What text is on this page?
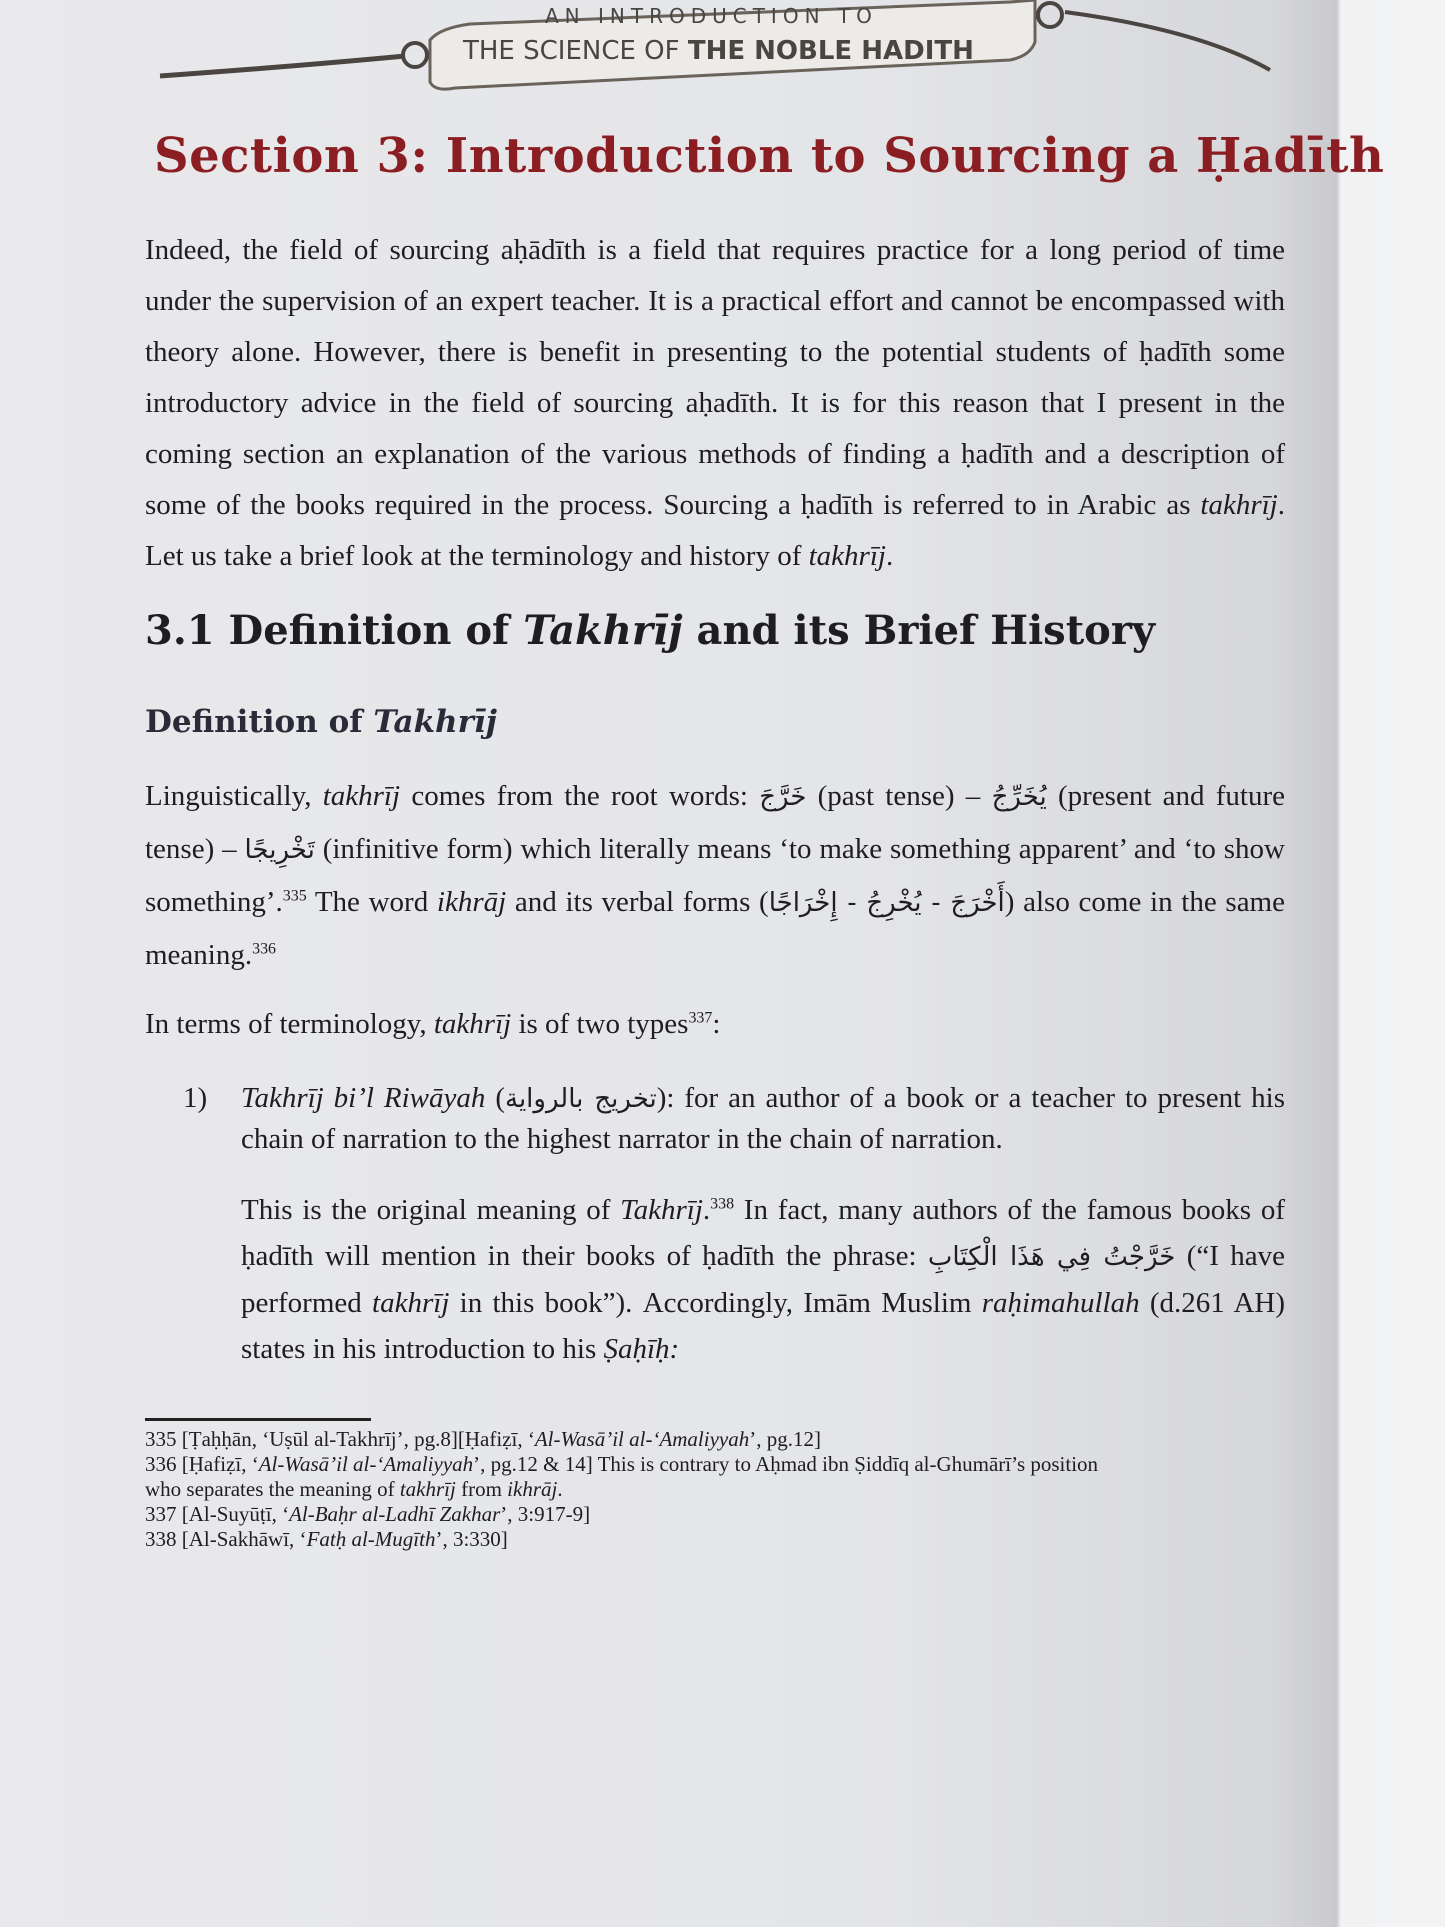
AN INTRODUCTION TO
THE SCIENCE OF THE NOBLE HADITH
Section 3: Introduction to Sourcing a Ḥadīth
Indeed, the field of sourcing aḥādīth is a field that requires practice for a long period of time under the supervision of an expert teacher. It is a practical effort and cannot be encompassed with theory alone. However, there is benefit in presenting to the potential students of ḥadīth some introductory advice in the field of sourcing aḥadīth. It is for this reason that I present in the coming section an explanation of the various methods of finding a ḥadīth and a description of some of the books required in the process. Sourcing a ḥadīth is referred to in Arabic as takhrīj. Let us take a brief look at the terminology and history of takhrīj.
3.1 Definition of Takhrīj and its Brief History
Definition of Takhrīj
Linguistically, takhrīj comes from the root words: خَرَّجَ (past tense) – يُخَرِّجُ (present and future tense) – تَخْرِيجًا (infinitive form) which literally means ‘to make something apparent’ and ‘to show something’.$^{335}$ The word ikhrāj and its verbal forms (أَخْرَجَ - يُخْرِجُ - إِخْرَاجًا) also come in the same meaning.$^{336}$
In terms of terminology, takhrīj is of two types$^{337}$:
1)	Takhrīj bi’l Riwāyah (تخريج بالرواية): for an author of a book or a teacher to present his chain of narration to the highest narrator in the chain of narration.
This is the original meaning of Takhrīj.$^{338}$ In fact, many authors of the famous books of ḥadīth will mention in their books of ḥadīth the phrase: خَرَّجْتُ فِي هَذَا الْكِتَابِ (“I have performed takhrīj in this book”). Accordingly, Imām Muslim raḥimahullah (d.261 AH) states in his introduction to his Ṣaḥīḥ:
335 [Ṭaḥḥān, ‘Uṣūl al-Takhrīj’, pg.8][Ḥafiẓī, ‘Al-Wasā’il al-‘Amaliyyah’, pg.12]
336 [Ḥafiẓī, ‘Al-Wasā’il al-‘Amaliyyah’, pg.12 & 14] This is contrary to Aḥmad ibn Ṣiddīq al-Ghumārī’s position
who separates the meaning of takhrīj from ikhrāj.
337 [Al-Suyūṭī, ‘Al-Baḥr al-Ladhī Zakhar’, 3:917-9]
338 [Al-Sakhāwī, ‘Fatḥ al-Mugīth’, 3:330]
